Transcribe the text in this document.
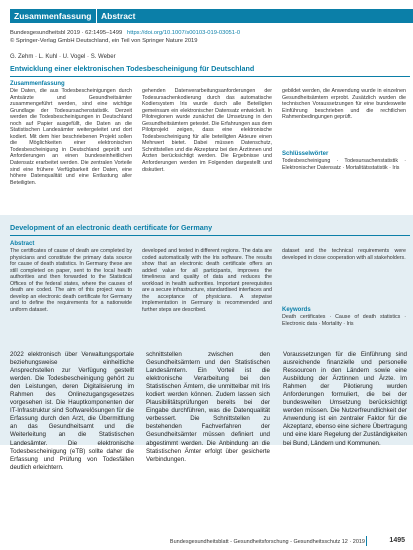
Zusammenfassung	Abstract
Bundesgesundheitsbl 2019 · 62:1495–1499 https://doi.org/10.1007/s00103-019-03051-0
© Springer-Verlag GmbH Deutschland, ein Teil von Springer Nature 2019
G. Zehm · L. Kuhl · U. Vogel · S. Weber
Entwicklung einer elektronischen Todesbescheinigung für Deutschland
Zusammenfassung

Die Daten, die aus Todesbescheinigungen durch Amtsärzte und Gesundheitsämter zusammengeführt werden, sind eine wichtige Grundlage der Todesursachenstatistik. Derzeit werden die Todesbescheinigungen in Deutschland noch auf Papier ausgefüllt, die Daten an die Statistischen Landesämter weitergeleitet und dort kodiert. Mit dem hier beschriebenen Projekt sollen die Möglichkeiten einer elektronischen Todesbescheinigung in Deutschland geprüft und Anforderungen an einen bundeseinheitlichen Datensatz erarbeitet werden. Die zentralen Vorteile sind eine frühere Verfügbarkeit der Daten, eine höhere Datenqualität und eine Entlastung aller Beteiligten.

gehenden Datenverarbeitungsanforderungen der Todesursachenkodierung durch das automatische Kodiersystem Iris wurde durch alle Beteiligten gemeinsam ein elektronischer Datensatz entwickelt. In Pilotregionen wurde zunächst die Umsetzung in den Gesundheitsämtern getestet. Die Erfahrungen aus dem Pilotprojekt zeigen, dass eine elektronische Todesbescheinigung für alle beteiligten Akteure einen Mehrwert bietet. Dabei müssen Datenschutz, Schnittstellen und die Akzeptanz bei den Ärztinnen und Ärzten berücksichtigt werden. Die Ergebnisse und Anforderungen werden im Folgenden dargestellt und diskutiert.

gebildet werden, die Anwendung wurde in einzelnen Gesundheitsämtern erprobt. Zusätzlich wurden die technischen Voraussetzungen für eine bundesweite Einführung beschrieben und die rechtlichen Rahmenbedingungen geprüft.

Schlüsselwörter

Todesbescheinigung · Todesursachenstatistik · Elektronischer Datensatz · Mortalitätsstatistik · Iris

Development of an electronic death certificate for Germany
Abstract

The certificates of cause of death are completed by physicians and constitute the primary data source for cause of death statistics. In Germany these are still completed on paper, sent to the local health authorities and then forwarded to the Statistical Offices of the federal states, where the causes of death are coded. The aim of this project was to develop an electronic death certificate for Germany and to define the requirements for a nationwide uniform dataset.

developed and tested in different regions. The data are coded automatically with the Iris software. The results show that an electronic death certificate offers an added value for all participants, improves the timeliness and quality of data and reduces the workload in health authorities. Important prerequisites are a secure infrastructure, standardised interfaces and the acceptance of physicians. A stepwise implementation in Germany is recommended and further steps are described.

dataset and the technical requirements were developed in close cooperation with all stakeholders.

Keywords

Death certificates · Cause of death statistics · Electronic data · Mortality · Iris

2022 elektronisch über Verwaltungsportale beziehungsweise einheitliche Ansprechstellen zur Verfügung gestellt werden. Die Todesbescheinigung gehört zu den Leistungen, deren Digitalisierung im Rahmen des Onlinezugangsgesetzes vorgesehen ist. Die Hauptkomponenten der IT-Infrastruktur sind Softwarelösungen für die Erfassung durch den Arzt, die Übermittlung an das Gesundheitsamt und die Weiterleitung an die Statistischen Landesämter. Die elektronische Todesbescheinigung (eTB) sollte daher die Erfassung und Prüfung von Todesfällen deutlich erleichtern.

schnittstellen zwischen den Gesundheitsämtern und den Statistischen Landesämtern. Ein Vorteil ist die elektronische Verarbeitung bei den Statistischen Ämtern, die unmittelbar mit Iris kodiert werden können. Zudem lassen sich Plausibilitätsprüfungen bereits bei der Eingabe durchführen, was die Datenqualität verbessert. Die Schnittstellen zu bestehenden Fachverfahren der Gesundheitsämter müssen definiert und abgestimmt werden. Die Anbindung an die Statistischen Ämter erfolgt über gesicherte Verbindungen.

Voraussetzungen für die Einführung sind ausreichende finanzielle und personelle Ressourcen in den Ländern sowie eine Ausbildung der Ärztinnen und Ärzte. Im Rahmen der Pilotierung wurden Anforderungen formuliert, die bei der bundesweiten Umsetzung berücksichtigt werden müssen. Die Nutzerfreundlichkeit der Anwendung ist ein zentraler Faktor für die Akzeptanz, ebenso eine sichere Übertragung und eine klare Regelung der Zuständigkeiten bei Bund, Ländern und Kommunen.

Bundesgesundheitsblatt - Gesundheitsforschung - Gesundheitsschutz 12 · 2019	1495
